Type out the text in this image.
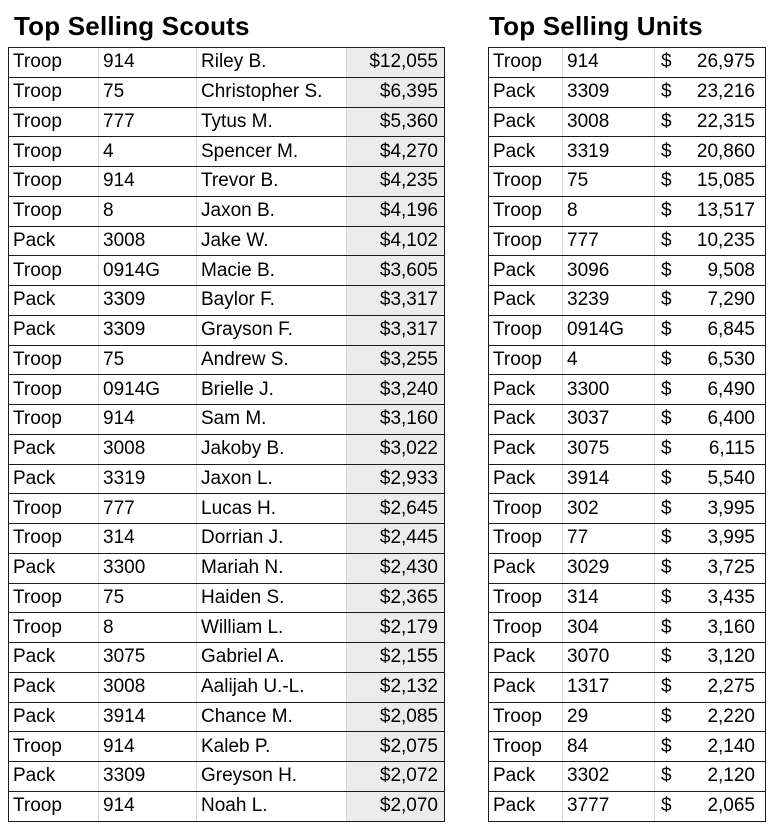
Top Selling Scouts	Top Selling Units
Troop	914	Riley B.	$12,055
Troop	75	Christopher S.	$6,395
Troop	777	Tytus M.	$5,360
Troop	4	Spencer M.	$4,270
Troop	914	Trevor B.	$4,235
Troop	8	Jaxon B.	$4,196
Pack	3008	Jake W.	$4,102
Troop	0914G	Macie B.	$3,605
Pack	3309	Baylor F.	$3,317
Pack	3309	Grayson F.	$3,317
Troop	75	Andrew S.	$3,255
Troop	0914G	Brielle J.	$3,240
Troop	914	Sam M.	$3,160
Pack	3008	Jakoby B.	$3,022
Pack	3319	Jaxon L.	$2,933
Troop	777	Lucas H.	$2,645
Troop	314	Dorrian J.	$2,445
Pack	3300	Mariah N.	$2,430
Troop	75	Haiden S.	$2,365
Troop	8	William L.	$2,179
Pack	3075	Gabriel A.	$2,155
Pack	3008	Aalijah U.-L.	$2,132
Pack	3914	Chance M.	$2,085
Troop	914	Kaleb P.	$2,075
Pack	3309	Greyson H.	$2,072
Troop	914	Noah L.	$2,070
Troop	914	$	26,975
Pack	3309	$	23,216
Pack	3008	$	22,315
Pack	3319	$	20,860
Troop	75	$	15,085
Troop	8	$	13,517
Troop	777	$	10,235
Pack	3096	$	9,508
Pack	3239	$	7,290
Troop	0914G	$	6,845
Troop	4	$	6,530
Pack	3300	$	6,490
Pack	3037	$	6,400
Pack	3075	$	6,115
Pack	3914	$	5,540
Troop	302	$	3,995
Troop	77	$	3,995
Pack	3029	$	3,725
Troop	314	$	3,435
Troop	304	$	3,160
Pack	3070	$	3,120
Pack	1317	$	2,275
Troop	29	$	2,220
Troop	84	$	2,140
Pack	3302	$	2,120
Pack	3777	$	2,065
